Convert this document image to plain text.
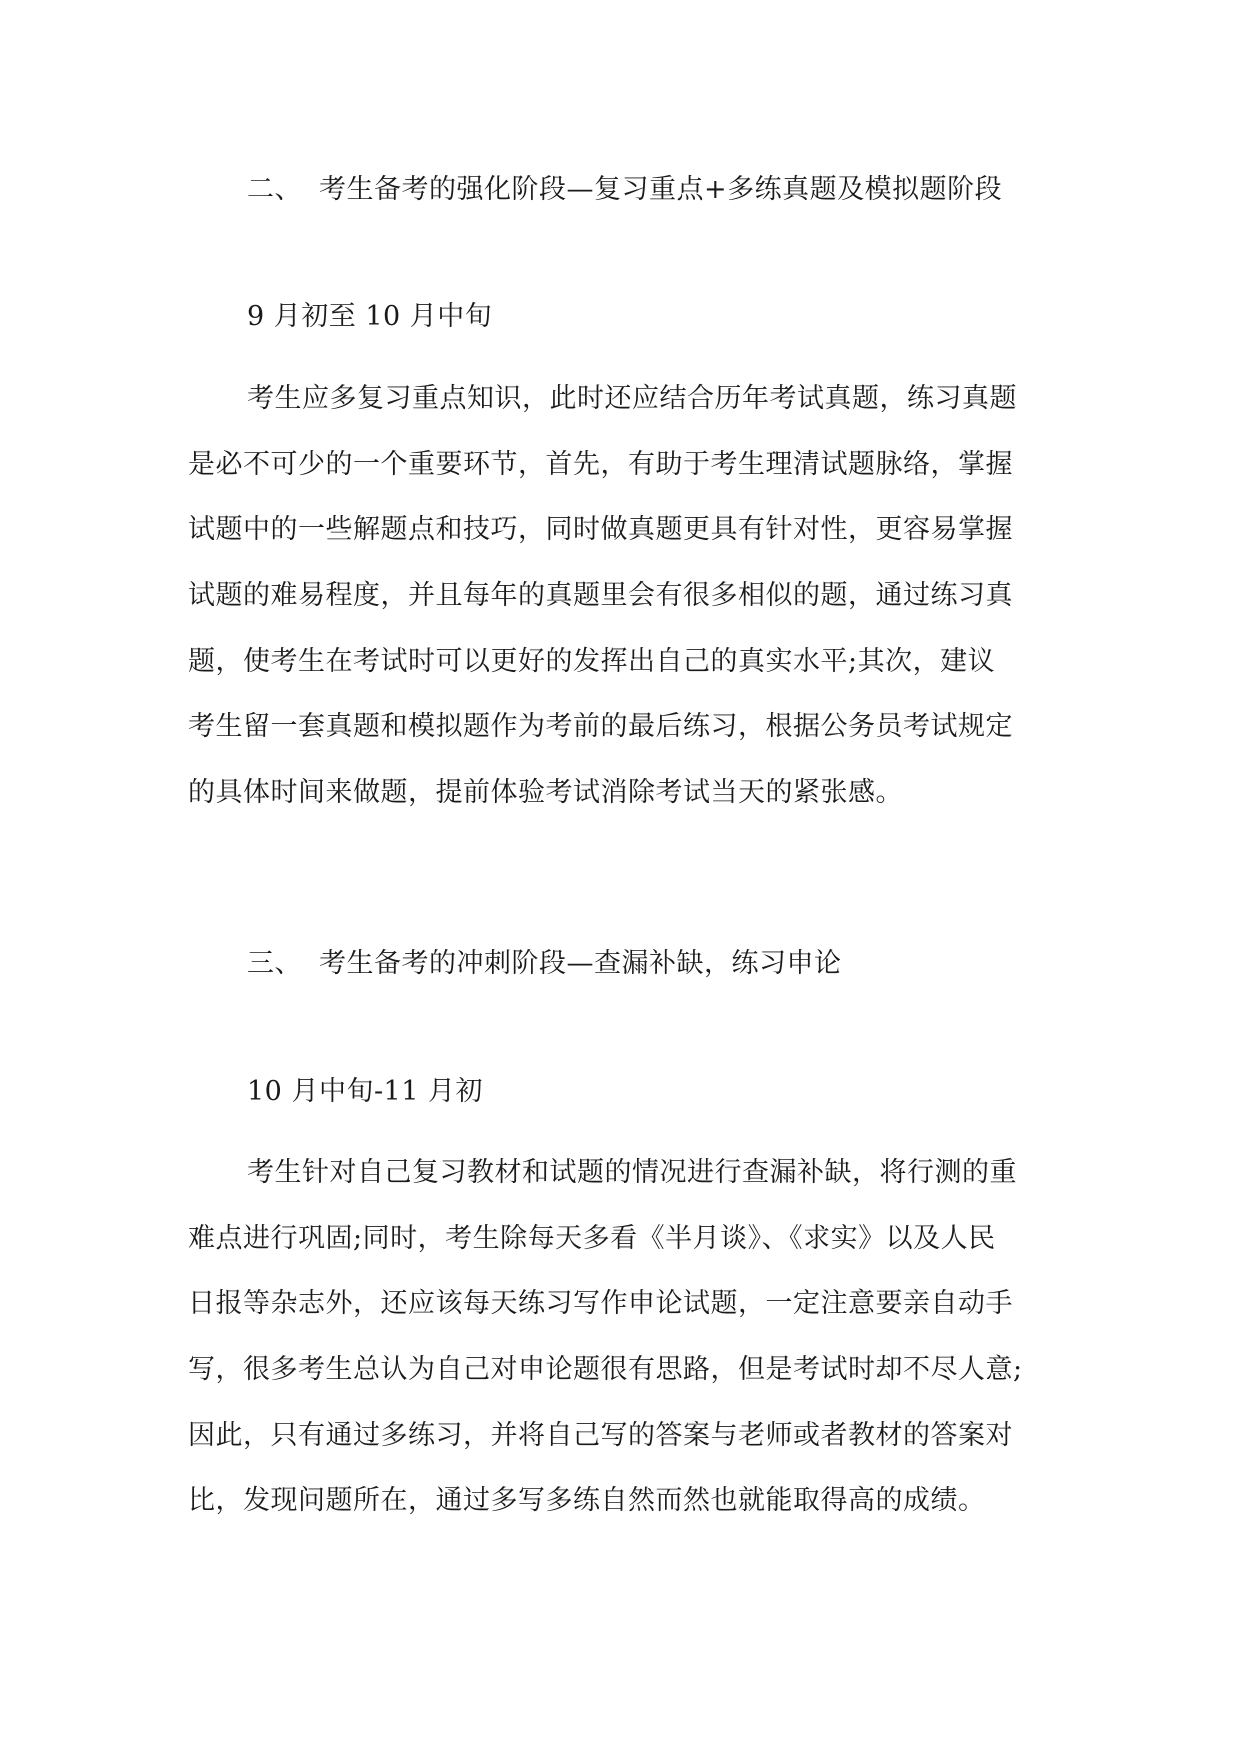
二、 考生备考的强化阶段—复习重点+多练真题及模拟题阶段
9 月初至 10 月中旬
考生应多复习重点知识，此时还应结合历年考试真题，练习真题
是必不可少的一个重要环节，首先，有助于考生理清试题脉络，掌握
试题中的一些解题点和技巧，同时做真题更具有针对性，更容易掌握
试题的难易程度，并且每年的真题里会有很多相似的题，通过练习真
题，使考生在考试时可以更好的发挥出自己的真实水平;其次，建议
考生留一套真题和模拟题作为考前的最后练习，根据公务员考试规定
的具体时间来做题，提前体验考试消除考试当天的紧张感。
三、 考生备考的冲刺阶段—查漏补缺，练习申论
10 月中旬-11 月初
考生针对自己复习教材和试题的情况进行查漏补缺，将行测的重
难点进行巩固;同时，考生除每天多看《半月谈》、《求实》以及人民
日报等杂志外，还应该每天练习写作申论试题，一定注意要亲自动手
写，很多考生总认为自己对申论题很有思路，但是考试时却不尽人意;
因此，只有通过多练习，并将自己写的答案与老师或者教材的答案对
比，发现问题所在，通过多写多练自然而然也就能取得高的成绩。
